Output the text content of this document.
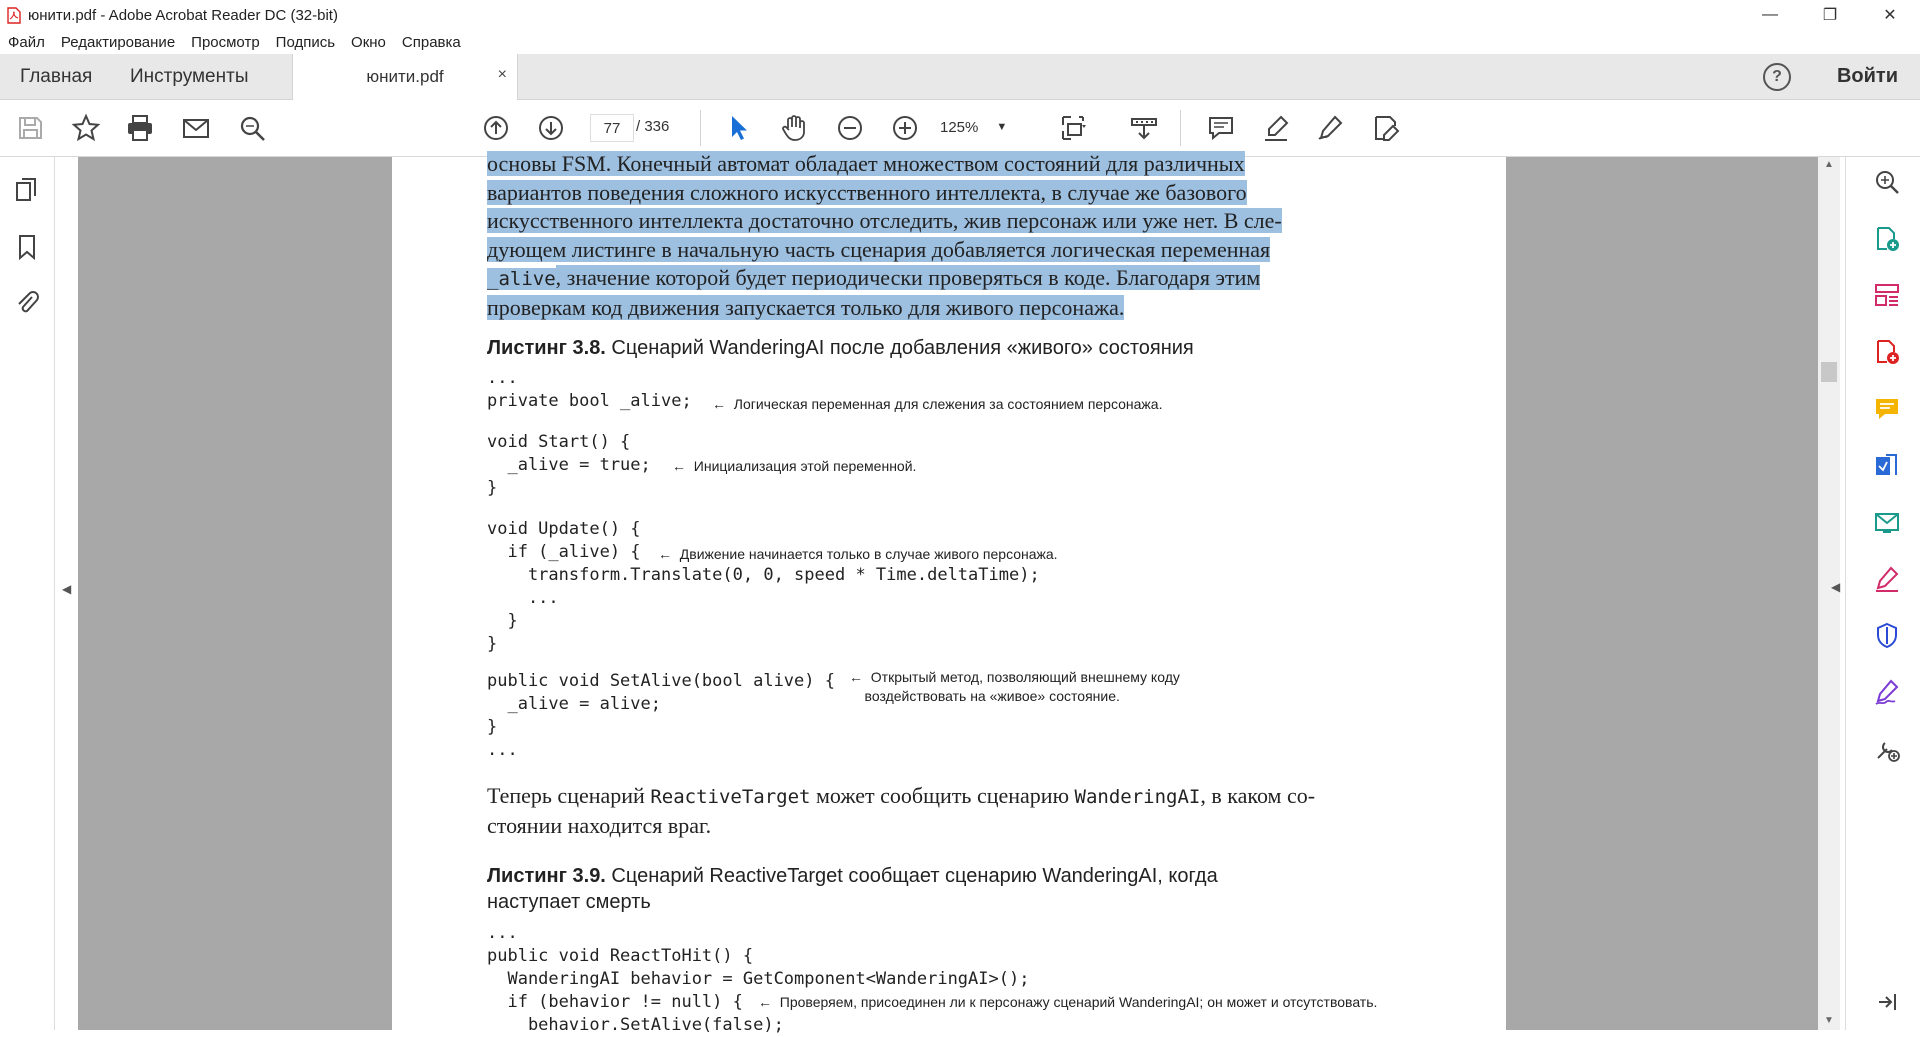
юнити.pdf - Adobe Acrobat Reader DC (32-bit)	—	❐	✕
Файл	Редактирование	Просмотр	Подпись	Окно	Справка
Главная Инструменты	юнити.pdf	×	?	Войти
77	/ 336	125% ▼
◀
▲
▼
основы FSM. Конечный автомат обладает множеством состояний для различных
вариантов поведения сложного искусственного интеллекта, в случае же базового
искусственного интеллекта достаточно отследить, жив персонаж или уже нет. В сле-
дующем листинге в начальную часть сценария добавляется логическая переменная
_alive, значение которой будет периодически проверяться в коде. Благодаря этим
проверкам код движения запускается только для живого персонажа.
Листинг 3.8. Сценарий WanderingAI после добавления «живого» состояния
...
private bool _alive; ←  Логическая переменная для слежения за состоянием персонажа.
void Start() {
_alive = true; ←  Инициализация этой переменной.
}
void Update() {
if (_alive) { ←  Движение начинается только в случае живого персонажа.
transform.Translate(0, 0, speed * Time.deltaTime);
...
}
}
public void SetAlive(bool alive) {
_alive = alive;
}
...
←  Открытый метод, позволяющий внешнему коду
воздействовать на «живое» состояние.
Теперь сценарий ReactiveTarget может сообщить сценарию WanderingAI, в каком со-
стоянии находится враг.
Листинг 3.9. Сценарий ReactiveTarget сообщает сценарию WanderingAI, когда
наступает смерть
...
public void ReactToHit() {
WanderingAI behavior = GetComponent<WanderingAI>();
if (behavior != null) {	←  Проверяем, присоединен ли к персонажу сценарий WanderingAI; он может и отсутствовать.
behavior.SetAlive(false);
◀
